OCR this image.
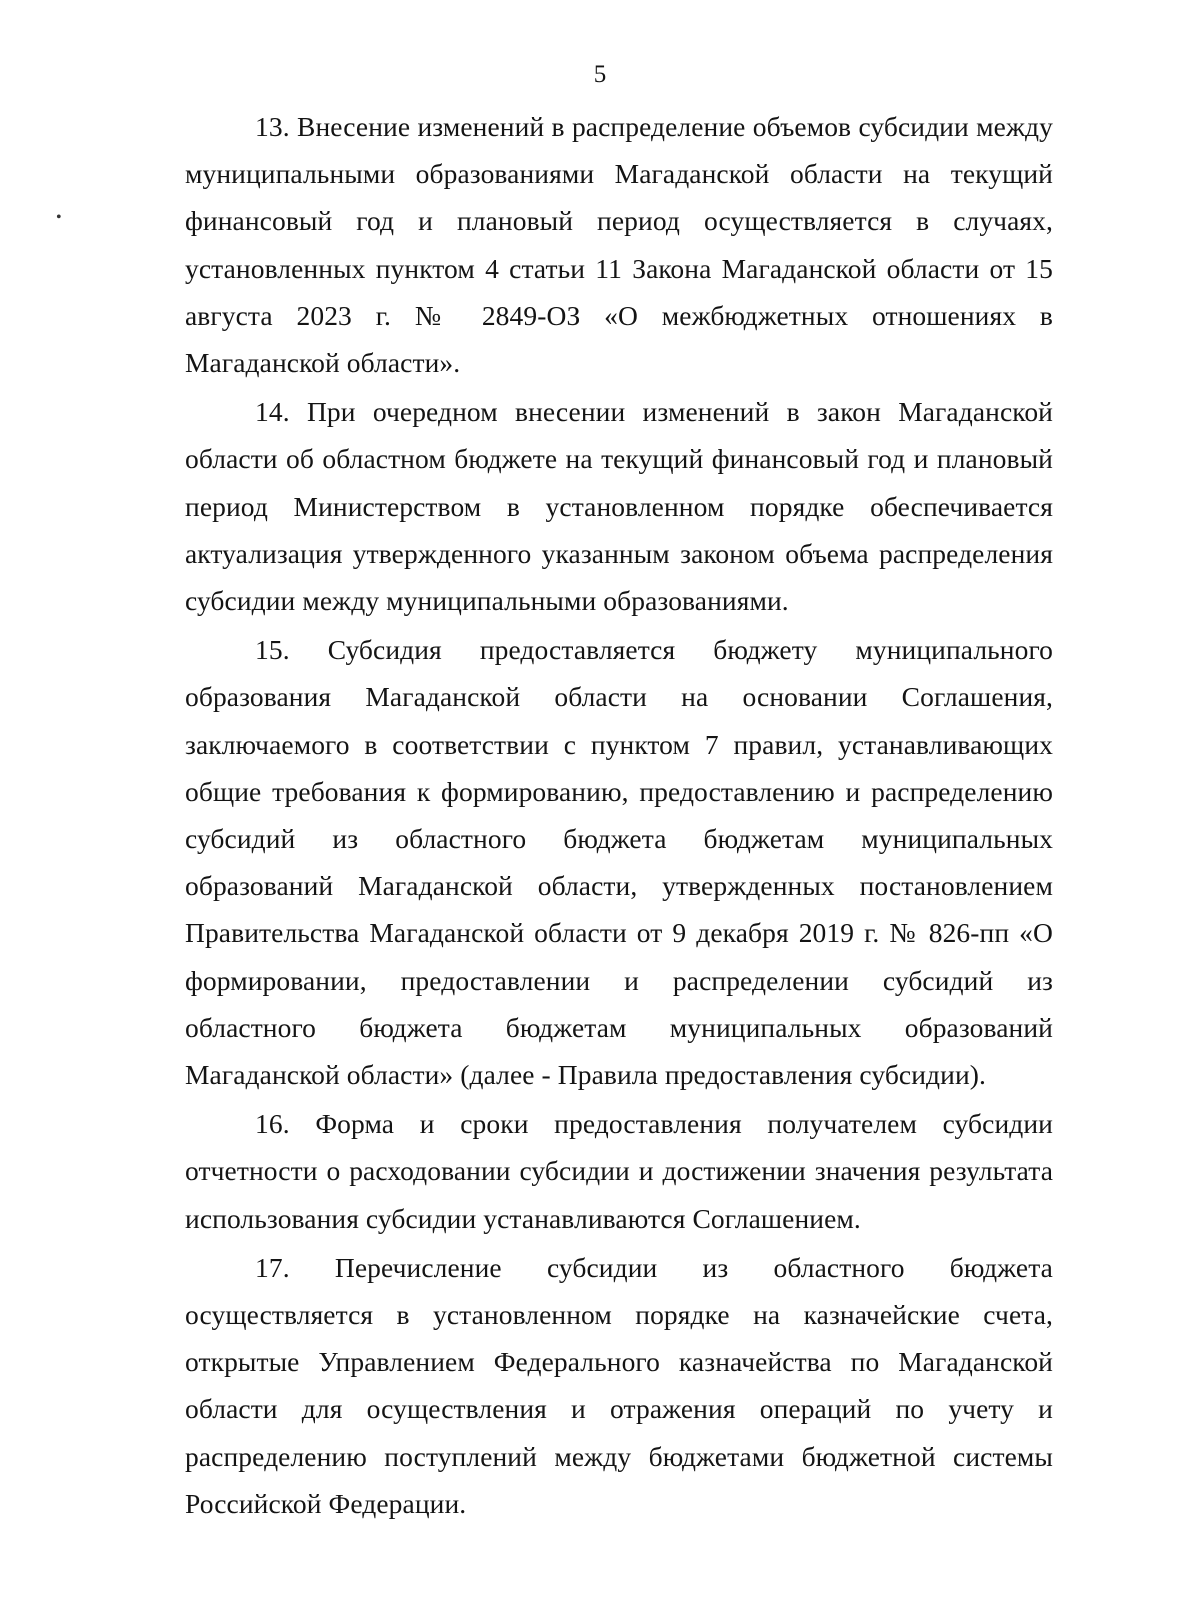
5
•

13. Внесение изменений в распределение объемов субсидии между муниципальными образованиями Магаданской области на текущий финансовый год и плановый период осуществляется в случаях, установленных пунктом 4 статьи 11 Закона Магаданской области от 15 августа 2023 г. № 2849-ОЗ «О межбюджетных отношениях в Магаданской области».

14. При очередном внесении изменений в закон Магаданской области об областном бюджете на текущий финансовый год и плановый период Министерством в установленном порядке обеспечивается актуализация утвержденного указанным законом объема распределения субсидии между муниципальными образованиями.

15. Субсидия предоставляется бюджету муниципального образования Магаданской области на основании Соглашения, заключаемого в соответствии с пунктом 7 правил, устанавливающих общие требования к формированию, предоставлению и распределению субсидий из областного бюджета бюджетам муниципальных образований Магаданской области, утвержденных постановлением Правительства Магаданской области от 9 декабря 2019 г. № 826-пп «О формировании, предоставлении и распределении субсидий из областного бюджета бюджетам муниципальных образований Магаданской области» (далее - Правила предоставления субсидии).

16. Форма и сроки предоставления получателем субсидии отчетности о расходовании субсидии и достижении значения результата использования субсидии устанавливаются Соглашением.

17. Перечисление субсидии из областного бюджета осуществляется в установленном порядке на казначейские счета, открытые Управлением Федерального казначейства по Магаданской области для осуществления и отражения операций по учету и распределению поступлений между бюджетами бюджетной системы Российской Федерации.
